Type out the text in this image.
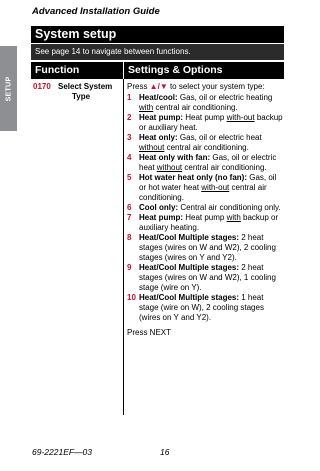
Advanced Installation Guide
SETUP
System setup
See page 14 to navigate between functions.
Function	Settings & Options
0170 Select System
Type
Press ▲/▼ to select your system type:
1 Heat/cool: Gas, oil or electric heating with central air conditioning.
2 Heat pump: Heat pump with-out backup or auxiliary heat.
3 Heat only: Gas, oil or electric heat without central air conditioning.
4 Heat only with fan: Gas, oil or electric heat without central air conditioning.
5 Hot water heat only (no fan): Gas, oil or hot water heat with-out central air conditioning.
6 Cool only: Central air conditioning only.
7 Heat pump: Heat pump with backup or auxiliary heating.
8 Heat/Cool Multiple stages: 2 heat stages (wires on W and W2), 2 cooling stages (wires on Y and Y2).
9 Heat/Cool Multiple stages: 2 heat stages (wires on W and W2), 1 cooling stage (wire on Y).
10 Heat/Cool Multiple stages: 1 heat stage (wire on W), 2 cooling stages (wires on Y and Y2).
Press NEXT
69-2221EF—03	16
